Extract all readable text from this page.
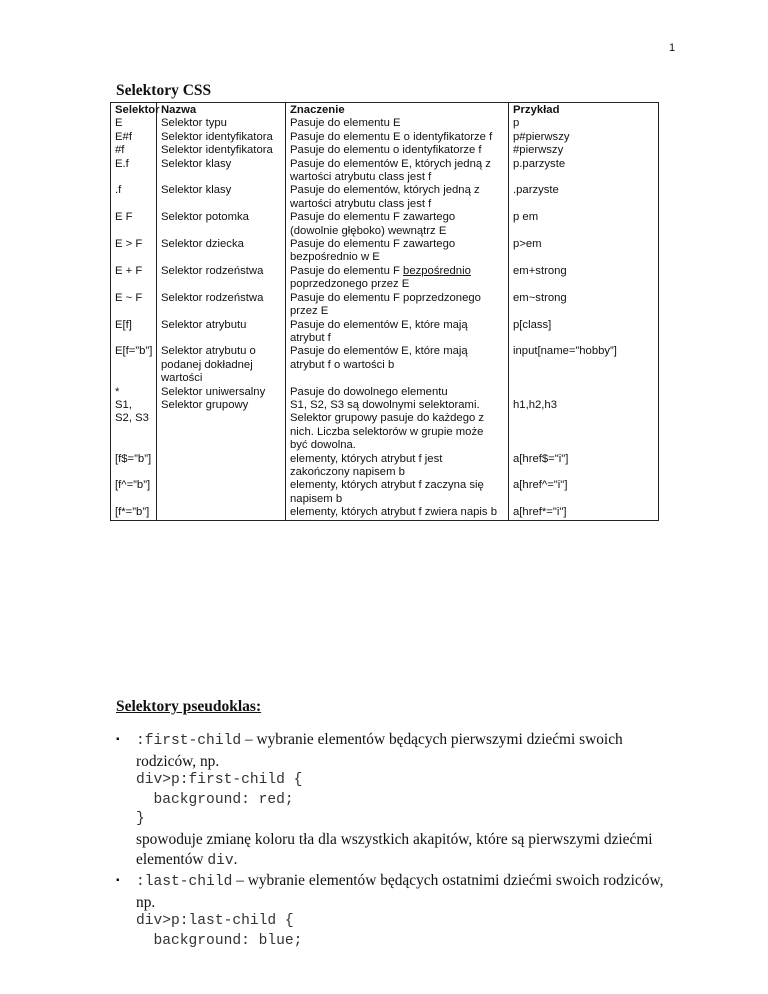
1
Selektory CSS
Selektor	Nazwa	Znaczenie	Przykład
E	Selektor typu	Pasuje do elementu E	p
E#f	Selektor identyfikatora	Pasuje do elementu E o identyfikatorze f	p#pierwszy
#f	Selektor identyfikatora	Pasuje do elementu o identyfikatorze f	#pierwszy
E.f	Selektor klasy	Pasuje do elementów E, których jedną z wartości atrybutu class jest f	p.parzyste
.f	Selektor klasy	Pasuje do elementów, których jedną z wartości atrybutu class jest f	.parzyste
E F	Selektor potomka	Pasuje do elementu F zawartego (dowolnie głęboko) wewnątrz E	p em
E > F	Selektor dziecka	Pasuje do elementu F zawartego bezpośrednio w E	p>em
E + F	Selektor rodzeństwa	Pasuje do elementu F bezpośrednio poprzedzonego przez E	em+strong
E ~ F	Selektor rodzeństwa	Pasuje do elementu F poprzedzonego przez E	em~strong
E[f]	Selektor atrybutu	Pasuje do elementów E, które mają atrybut f	p[class]
E[f=”b”]	Selektor atrybutu o podanej dokładnej wartości	Pasuje do elementów E, które mają atrybut f o wartości b	input[name=”hobby”]
*	Selektor uniwersalny	Pasuje do dowolnego elementu	
S1, S2, S3	Selektor grupowy	S1, S2, S3 są dowolnymi selektorami. Selektor grupowy pasuje do każdego z nich. Liczba selektorów w grupie może być dowolna.	h1,h2,h3
[f$=”b”]		elementy, których atrybut f jest zakończony napisem b	a[href$="i"]
[f^=”b”]		elementy, których atrybut f zaczyna się napisem b	a[href^="i"]
[f*=”b”]		elementy, których atrybut f zwiera napis b	a[href*="i"]
Selektory pseudoklas:
▪ :first-child – wybranie elementów będących pierwszymi dziećmi swoich rodziców, np.
div>p:first-child {
background: red;
}
spowoduje zmianę koloru tła dla wszystkich akapitów, które są pierwszymi dziećmi elementów div.
▪ :last-child – wybranie elementów będących ostatnimi dziećmi swoich rodziców, np.
div>p:last-child {
background: blue;
